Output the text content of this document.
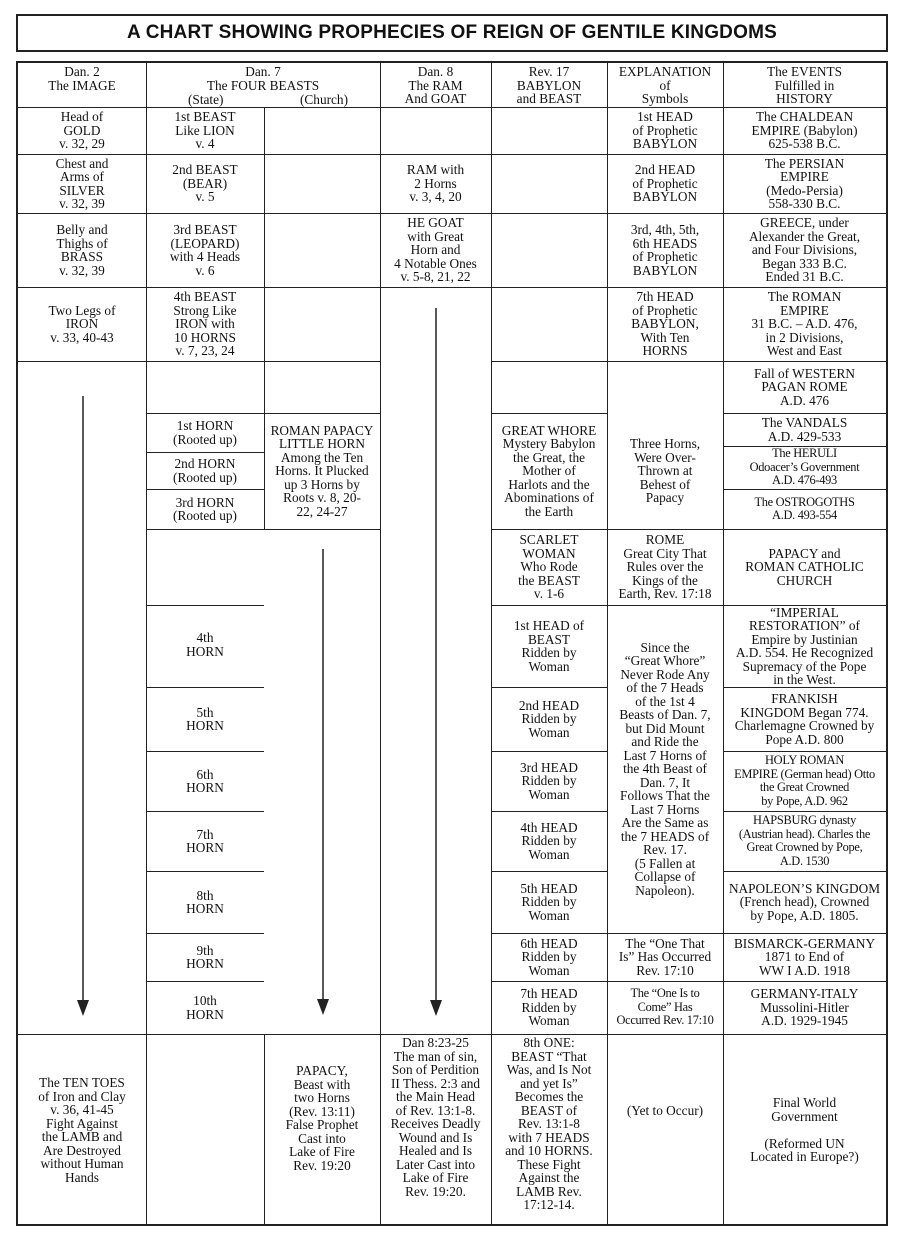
A CHART SHOWING PROPHECIES OF REIGN OF GENTILE KINGDOMS
Dan. 2
The IMAGE
Dan. 7
The FOUR BEASTS
(State)	(Church)
Dan. 8
The RAM
And GOAT
Rev. 17
BABYLON
and BEAST
EXPLANATION
of
Symbols
The EVENTS
Fulfilled in
HISTORY
Head of
GOLD
v. 32, 29
Chest and
Arms of
SILVER
v. 32, 39
Belly and
Thighs of
BRASS
v. 32, 39
Two Legs of
IRON
v. 33, 40-43
The TEN TOES
of Iron and Clay
v. 36, 41-45
Fight Against
the LAMB and
Are Destroyed
without Human
Hands
1st BEAST
Like LION
v. 4
2nd BEAST
(BEAR)
v. 5
3rd BEAST
(LEOPARD)
with 4 Heads
v. 6
4th BEAST
Strong Like
IRON with
10 HORNS
v. 7, 23, 24
1st HORN
(Rooted up)
2nd HORN
(Rooted up)
3rd HORN
(Rooted up)
4th
HORN
5th
HORN
6th
HORN
7th
HORN
8th
HORN
9th
HORN
10th
HORN
ROMAN PAPACY
LITTLE HORN
Among the Ten
Horns. It Plucked
up 3 Horns by
Roots v. 8, 20-
22, 24-27
PAPACY,
Beast with
two Horns
(Rev. 13:11)
False Prophet
Cast into
Lake of Fire
Rev. 19:20
RAM with
2 Horns
v. 3, 4, 20
HE GOAT
with Great
Horn and
4 Notable Ones
v. 5-8, 21, 22
Dan 8:23-25
The man of sin,
Son of Perdition
II Thess. 2:3 and
the Main Head
of Rev. 13:1-8.
Receives Deadly
Wound and Is
Healed and Is
Later Cast into
Lake of Fire
Rev. 19:20.
GREAT WHORE
Mystery Babylon
the Great, the
Mother of
Harlots and the
Abominations of
the Earth
SCARLET
WOMAN
Who Rode
the BEAST
v. 1-6
1st HEAD of
BEAST
Ridden by
Woman
2nd HEAD
Ridden by
Woman
3rd HEAD
Ridden by
Woman
4th HEAD
Ridden by
Woman
5th HEAD
Ridden by
Woman
6th HEAD
Ridden by
Woman
7th HEAD
Ridden by
Woman
8th ONE:
BEAST “That
Was, and Is Not
and yet Is”
Becomes the
BEAST of
Rev. 13:1-8
with 7 HEADS
and 10 HORNS.
These Fight
Against the
LAMB Rev.
17:12-14.
1st HEAD
of Prophetic
BABYLON
2nd HEAD
of Prophetic
BABYLON
3rd, 4th, 5th,
6th HEADS
of Prophetic
BABYLON
7th HEAD
of Prophetic
BABYLON,
With Ten
HORNS
Three Horns,
Were Over-
Thrown at
Behest of
Papacy
ROME
Great City That
Rules over the
Kings of the
Earth, Rev. 17:18
Since the
“Great Whore”
Never Rode Any
of the 7 Heads
of the 1st 4
Beasts of Dan. 7,
but Did Mount
and Ride the
Last 7 Horns of
the 4th Beast of
Dan. 7, It
Follows That the
Last 7 Horns
Are the Same as
the 7 HEADS of
Rev. 17.
(5 Fallen at
Collapse of
Napoleon).
The “One That
Is” Has Occurred
Rev. 17:10
The “One Is to
Come” Has
Occurred Rev. 17:10
(Yet to Occur)
The CHALDEAN
EMPIRE (Babylon)
625-538 B.C.
The PERSIAN
EMPIRE
(Medo-Persia)
558-330 B.C.
GREECE, under
Alexander the Great,
and Four Divisions,
Began 333 B.C.
Ended 31 B.C.
The ROMAN
EMPIRE
31 B.C. – A.D. 476,
in 2 Divisions,
West and East
Fall of WESTERN
PAGAN ROME
A.D. 476
The VANDALS
A.D. 429-533
The HERULI
Odoacer’s Government
A.D. 476-493
The OSTROGOTHS
A.D. 493-554
PAPACY and
ROMAN CATHOLIC
CHURCH
“IMPERIAL
RESTORATION” of
Empire by Justinian
A.D. 554. He Recognized
Supremacy of the Pope
in the West.
FRANKISH
KINGDOM Began 774.
Charlemagne Crowned by
Pope A.D. 800
HOLY ROMAN
EMPIRE (German head) Otto
the Great Crowned
by Pope, A.D. 962
HAPSBURG dynasty
(Austrian head). Charles the
Great Crowned by Pope,
A.D. 1530
NAPOLEON’S KINGDOM
(French head), Crowned
by Pope, A.D. 1805.
BISMARCK-GERMANY
1871 to End of
WW I A.D. 1918
GERMANY-ITALY
Mussolini-Hitler
A.D. 1929-1945
Final World
Government

(Reformed UN
Located in Europe?)
